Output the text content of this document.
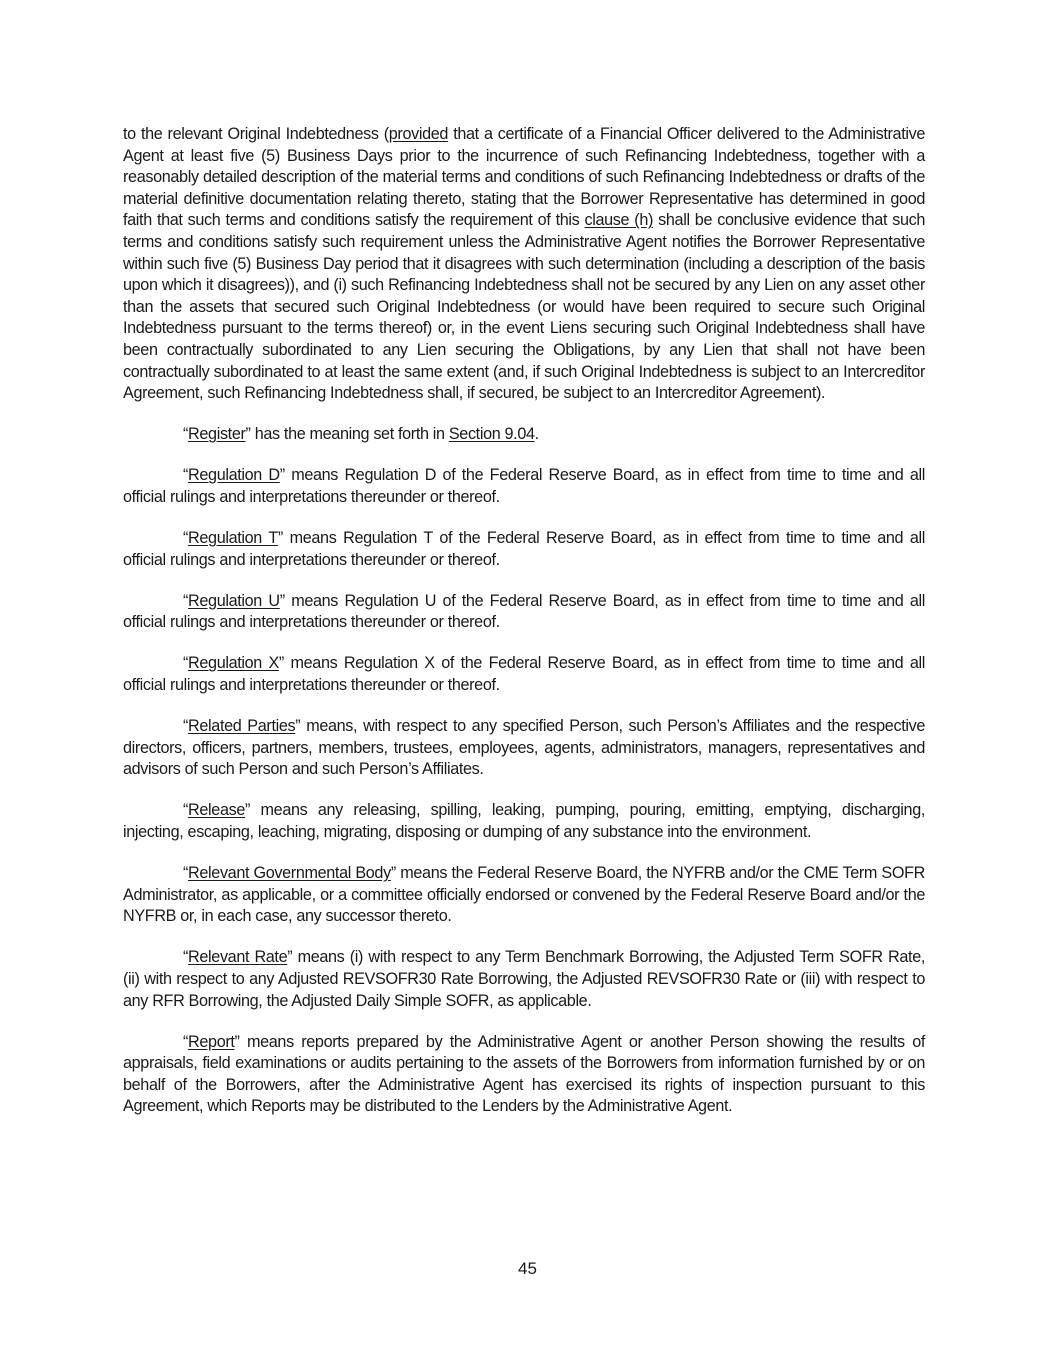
to the relevant Original Indebtedness (provided that a certificate of a Financial Officer delivered to the Administrative Agent at least five (5) Business Days prior to the incurrence of such Refinancing Indebtedness, together with a reasonably detailed description of the material terms and conditions of such Refinancing Indebtedness or drafts of the material definitive documentation relating thereto, stating that the Borrower Representative has determined in good faith that such terms and conditions satisfy the requirement of this clause (h) shall be conclusive evidence that such terms and conditions satisfy such requirement unless the Administrative Agent notifies the Borrower Representative within such five (5) Business Day period that it disagrees with such determination (including a description of the basis upon which it disagrees)), and (i) such Refinancing Indebtedness shall not be secured by any Lien on any asset other than the assets that secured such Original Indebtedness (or would have been required to secure such Original Indebtedness pursuant to the terms thereof) or, in the event Liens securing such Original Indebtedness shall have been contractually subordinated to any Lien securing the Obligations, by any Lien that shall not have been contractually subordinated to at least the same extent (and, if such Original Indebtedness is subject to an Intercreditor Agreement, such Refinancing Indebtedness shall, if secured, be subject to an Intercreditor Agreement).

“Register” has the meaning set forth in Section 9.04.

“Regulation D” means Regulation D of the Federal Reserve Board, as in effect from time to time and all official rulings and interpretations thereunder or thereof.

“Regulation T” means Regulation T of the Federal Reserve Board, as in effect from time to time and all official rulings and interpretations thereunder or thereof.

“Regulation U” means Regulation U of the Federal Reserve Board, as in effect from time to time and all official rulings and interpretations thereunder or thereof.

“Regulation X” means Regulation X of the Federal Reserve Board, as in effect from time to time and all official rulings and interpretations thereunder or thereof.

“Related Parties” means, with respect to any specified Person, such Person’s Affiliates and the respective directors, officers, partners, members, trustees, employees, agents, administrators, managers, representatives and advisors of such Person and such Person’s Affiliates.

“Release” means any releasing, spilling, leaking, pumping, pouring, emitting, emptying, discharging, injecting, escaping, leaching, migrating, disposing or dumping of any substance into the environment.

“Relevant Governmental Body” means the Federal Reserve Board, the NYFRB and/or the CME Term SOFR Administrator, as applicable, or a committee officially endorsed or convened by the Federal Reserve Board and/or the NYFRB or, in each case, any successor thereto.

“Relevant Rate” means (i) with respect to any Term Benchmark Borrowing, the Adjusted Term SOFR Rate, (ii) with respect to any Adjusted REVSOFR30 Rate Borrowing, the Adjusted REVSOFR30 Rate or (iii) with respect to any RFR Borrowing, the Adjusted Daily Simple SOFR, as applicable.

“Report” means reports prepared by the Administrative Agent or another Person showing the results of appraisals, field examinations or audits pertaining to the assets of the Borrowers from information furnished by or on behalf of the Borrowers, after the Administrative Agent has exercised its rights of inspection pursuant to this Agreement, which Reports may be distributed to the Lenders by the Administrative Agent.

45
